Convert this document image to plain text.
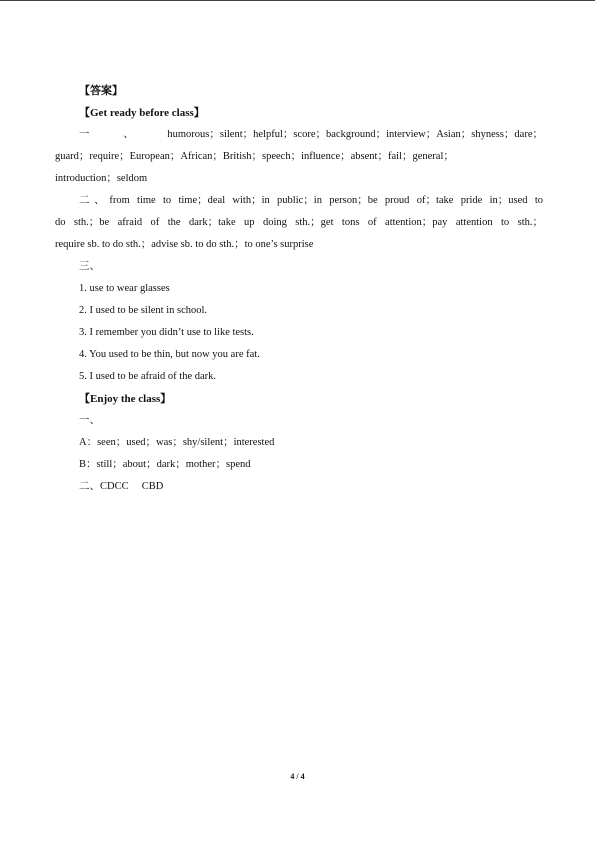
【答案】
【Get ready before class】
一、humorous；silent；helpful；score；background；interview；Asian；shyness；dare；
guard；require；European；African；British；speech；influence；absent；fail；general；
introduction；seldom
二、from time to time；deal with；in public；in person；be proud of；take pride in；used to
do sth.；be afraid of the dark；take up doing sth.；get tons of attention；pay attention to sth.；
require sb. to do sth.；advise sb. to do sth.；to one’s surprise
三、
1. use to wear glasses
2. I used to be silent in school.
3. I remember you didn’t use to like tests.
4. You used to be thin, but now you are fat.
5. I used to be afraid of the dark.
【Enjoy the class】
一、
A：seen；used；was；shy/silent；interested
B：still；about；dark；mother；spend
二、CDCC     CBD
4 / 4
